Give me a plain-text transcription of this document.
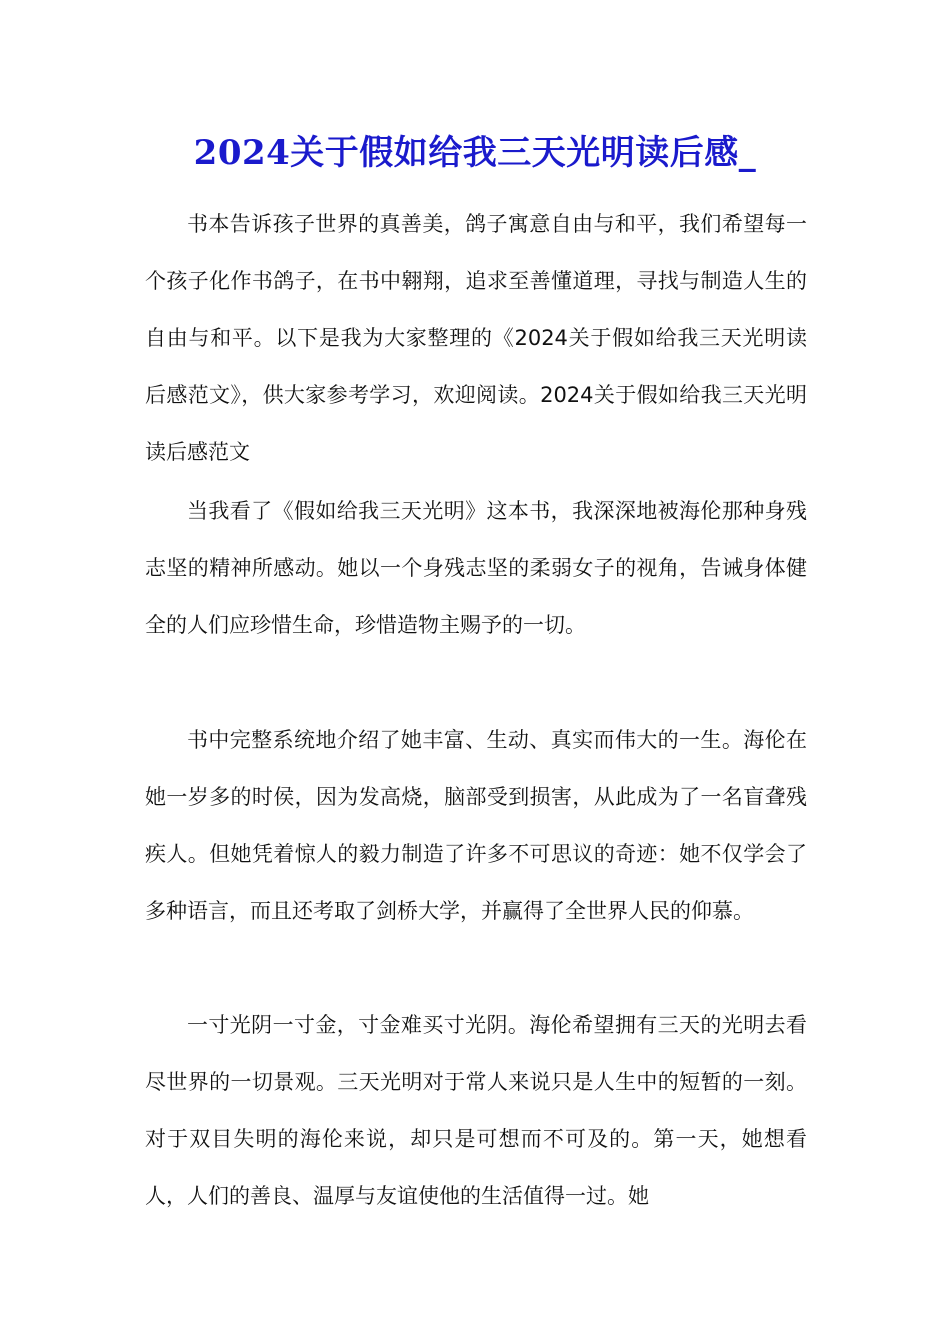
2024关于假如给我三天光明读后感_

书本告诉孩子世界的真善美，鸽子寓意自由与和平，我们希望每一个孩子化作书鸽子，在书中翱翔，追求至善懂道理，寻找与制造人生的自由与和平。以下是我为大家整理的《2024关于假如给我三天光明读后感范文》，供大家参考学习，欢迎阅读。2024关于假如给我三天光明读后感范文

当我看了《假如给我三天光明》这本书，我深深地被海伦那种身残志坚的精神所感动。她以一个身残志坚的柔弱女子的视角，告诫身体健全的人们应珍惜生命，珍惜造物主赐予的一切。

书中完整系统地介绍了她丰富、生动、真实而伟大的一生。海伦在她一岁多的时侯，因为发高烧，脑部受到损害，从此成为了一名盲聋残疾人。但她凭着惊人的毅力制造了许多不可思议的奇迹：她不仅学会了多种语言，而且还考取了剑桥大学，并赢得了全世界人民的仰慕。

一寸光阴一寸金，寸金难买寸光阴。海伦希望拥有三天的光明去看尽世界的一切景观。三天光明对于常人来说只是人生中的短暂的一刻。对于双目失明的海伦来说，却只是可想而不可及的。第一天，她想看人，人们的善良、温厚与友谊使他的生活值得一过。她
